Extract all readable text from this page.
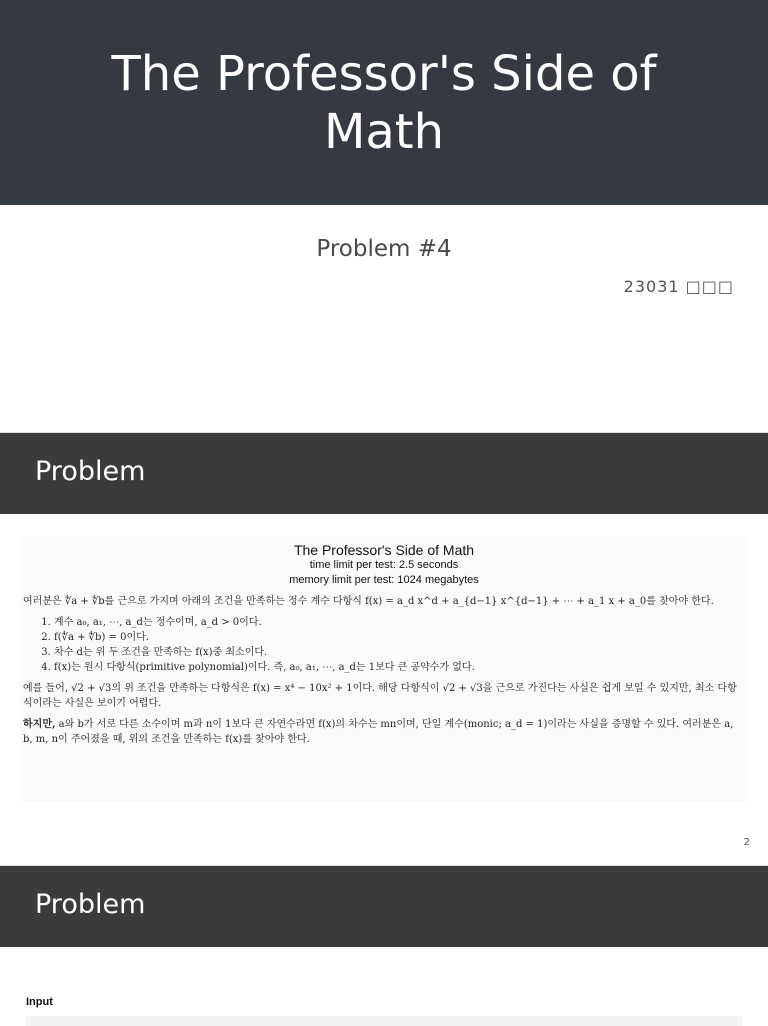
The Professor's Side of Math
Problem #4
23031 □□□
Problem
The Professor's Side of Math
time limit per test: 2.5 seconds
memory limit per test: 1024 megabytes

여러분은 ∜a + ∜b를 근으로 가지며 아래의 조건을 만족하는 정수 계수 다항식 f(x) = a_d x^d + a_{d−1} x^{d−1} + ⋯ + a_1 x + a_0를 찾아야 한다.

1. 계수 a₀, a₁, ⋯, a_d는 정수이며, a_d > 0이다.
2. f(∜a + ∜b) = 0이다.
3. 차수 d는 위 두 조건을 만족하는 f(x)중 최소이다.
4. f(x)는 원시 다항식(primitive polynomial)이다. 즉, a₀, a₁, ⋯, a_d는 1보다 큰 공약수가 없다.

예를 들어, √2 + √3의 위 조건을 만족하는 다항식은 f(x) = x⁴ − 10x² + 1이다. 해당 다항식이 √2 + √3을 근으로 가진다는 사실은 쉽게 보일 수 있지만, 최소 다항식이라는 사실은 보이기 어렵다.

하지만, a와 b가 서로 다른 소수이며 m과 n이 1보다 큰 자연수라면 f(x)의 차수는 mn이며, 단일 계수(monic; a_d = 1)이라는 사실을 증명할 수 있다. 여러분은 a, b, m, n이 주어졌을 때, 위의 조건을 만족하는 f(x)를 찾아야 한다.

2
Problem
Input
